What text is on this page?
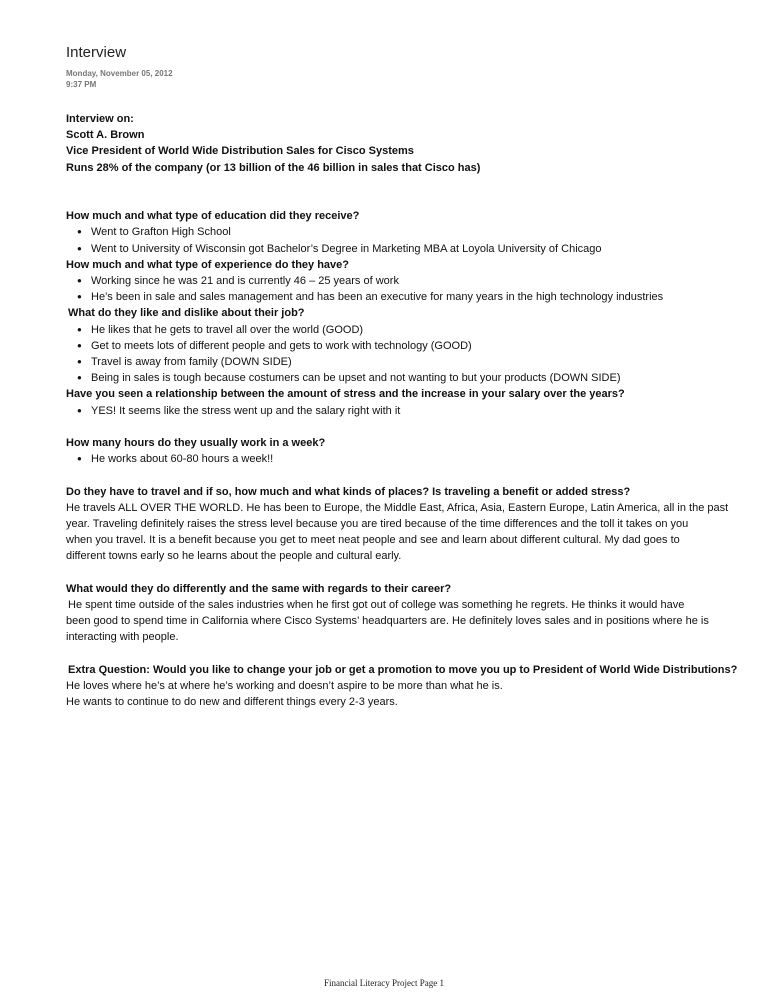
Interview
Monday, November 05, 2012
9:37 PM

Interview on:

Scott A. Brown

Vice President of World Wide Distribution Sales for Cisco Systems

Runs 28% of the company (or 13 billion of the 46 billion in sales that Cisco has)

How much and what type of education did they receive?

● Went to Grafton High School
● Went to University of Wisconsin got Bachelor’s Degree in Marketing MBA at Loyola University of Chicago

How much and what type of experience do they have?

● Working since he was 21 and is currently 46 – 25 years of work
● He’s been in sale and sales management and has been an executive for many years in the high technology industries

What do they like and dislike about their job?

● He likes that he gets to travel all over the world (GOOD)
● Get to meets lots of different people and gets to work with technology (GOOD)
● Travel is away from family (DOWN SIDE)
● Being in sales is tough because costumers can be upset and not wanting to but your products (DOWN SIDE)

Have you seen a relationship between the amount of stress and the increase in your salary over the years?

● YES! It seems like the stress went up and the salary right with it

How many hours do they usually work in a week?

● He works about 60-80 hours a week!!

Do they have to travel and if so, how much and what kinds of places? Is traveling a benefit or added stress?

He travels ALL OVER THE WORLD. He has been to Europe, the Middle East, Africa, Asia, Eastern Europe, Latin America, all in the past

year. Traveling definitely raises the stress level because you are tired because of the time differences and the toll it takes on you

when you travel. It is a benefit because you get to meet neat people and see and learn about different cultural. My dad goes to

different towns early so he learns about the people and cultural early.

What would they do differently and the same with regards to their career?

He spent time outside of the sales industries when he first got out of college was something he regrets. He thinks it would have

been good to spend time in California where Cisco Systems’ headquarters are. He definitely loves sales and in positions where he is

interacting with people.

Extra Question: Would you like to change your job or get a promotion to move you up to President of World Wide Distributions?

He loves where he’s at where he’s working and doesn’t aspire to be more than what he is.

He wants to continue to do new and different things every 2-3 years.

Financial Literacy Project Page 1
